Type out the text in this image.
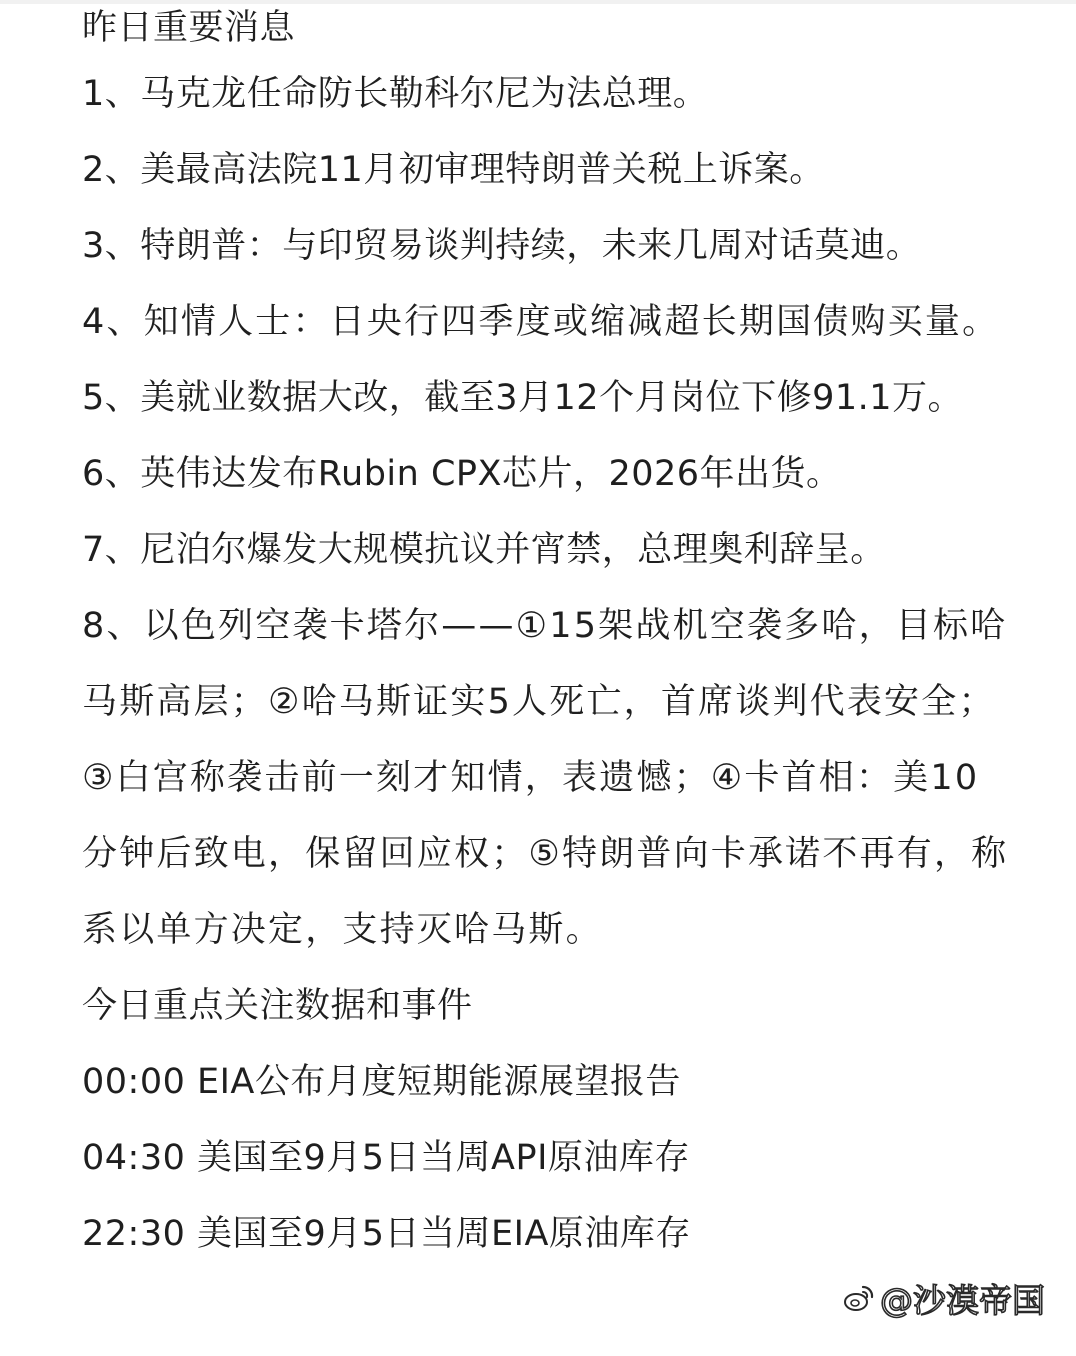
昨日重要消息
1、马克龙任命防长勒科尔尼为法总理。
2、美最高法院11月初审理特朗普关税上诉案。
3、特朗普：与印贸易谈判持续，未来几周对话莫迪。
4、知情人士：日央行四季度或缩减超长期国债购买量。
5、美就业数据大改，截至3月12个月岗位下修91.1万。
6、英伟达发布Rubin CPX芯片，2026年出货。
7、尼泊尔爆发大规模抗议并宵禁，总理奥利辞呈。
8、以色列空袭卡塔尔——①15架战机空袭多哈，目标哈马斯高层；②哈马斯证实5人死亡，首席谈判代表安全；③白宫称袭击前一刻才知情，表遗憾；④卡首相：美10分钟后致电，保留回应权；⑤特朗普向卡承诺不再有，称系以单方决定，支持灭哈马斯。
今日重点关注数据和事件
00:00 EIA公布月度短期能源展望报告
04:30 美国至9月5日当周API原油库存
22:30 美国至9月5日当周EIA原油库存
@沙漠帝国
